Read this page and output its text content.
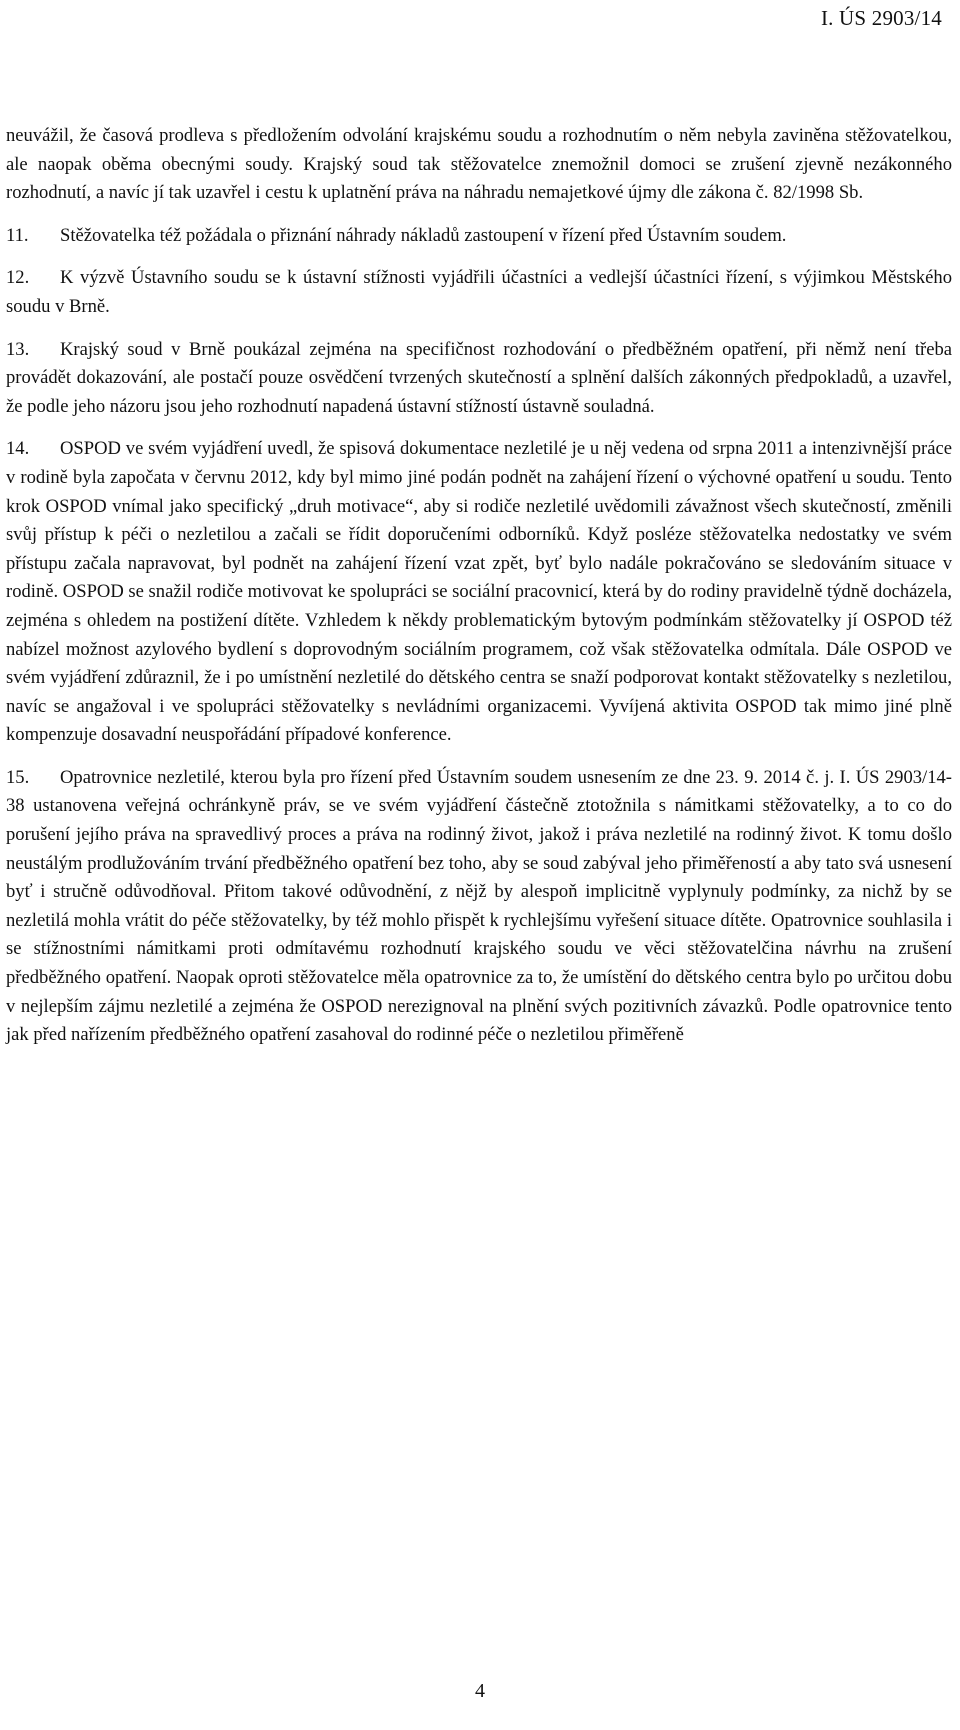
I. ÚS 2903/14

neuvážil, že časová prodleva s předložením odvolání krajskému soudu a rozhodnutím o něm nebyla zaviněna stěžovatelkou, ale naopak oběma obecnými soudy. Krajský soud tak stěžovatelce znemožnil domoci se zrušení zjevně nezákonného rozhodnutí, a navíc jí tak uzavřel i cestu k uplatnění práva na náhradu nemajetkové újmy dle zákona č. 82/1998 Sb.

11. Stěžovatelka též požádala o přiznání náhrady nákladů zastoupení v řízení před Ústavním soudem.

12. K výzvě Ústavního soudu se k ústavní stížnosti vyjádřili účastníci a vedlejší účastníci řízení, s výjimkou Městského soudu v Brně.

13. Krajský soud v Brně poukázal zejména na specifičnost rozhodování o předběžném opatření, při němž není třeba provádět dokazování, ale postačí pouze osvědčení tvrzených skutečností a splnění dalších zákonných předpokladů, a uzavřel, že podle jeho názoru jsou jeho rozhodnutí napadená ústavní stížností ústavně souladná.

14. OSPOD ve svém vyjádření uvedl, že spisová dokumentace nezletilé je u něj vedena od srpna 2011 a intenzivnější práce v rodině byla započata v červnu 2012, kdy byl mimo jiné podán podnět na zahájení řízení o výchovné opatření u soudu. Tento krok OSPOD vnímal jako specifický „druh motivace“, aby si rodiče nezletilé uvědomili závažnost všech skutečností, změnili svůj přístup k péči o nezletilou a začali se řídit doporučeními odborníků. Když posléze stěžovatelka nedostatky ve svém přístupu začala napravovat, byl podnět na zahájení řízení vzat zpět, byť bylo nadále pokračováno se sledováním situace v rodině. OSPOD se snažil rodiče motivovat ke spolupráci se sociální pracovnicí, která by do rodiny pravidelně týdně docházela, zejména s ohledem na postižení dítěte. Vzhledem k někdy problematickým bytovým podmínkám stěžovatelky jí OSPOD též nabízel možnost azylového bydlení s doprovodným sociálním programem, což však stěžovatelka odmítala. Dále OSPOD ve svém vyjádření zdůraznil, že i po umístnění nezletilé do dětského centra se snaží podporovat kontakt stěžovatelky s nezletilou, navíc se angažoval i ve spolupráci stěžovatelky s nevládními organizacemi. Vyvíjená aktivita OSPOD tak mimo jiné plně kompenzuje dosavadní neuspořádání případové konference.

15. Opatrovnice nezletilé, kterou byla pro řízení před Ústavním soudem usnesením ze dne 23. 9. 2014 č. j. I. ÚS 2903/14-38 ustanovena veřejná ochránkyně práv, se ve svém vyjádření částečně ztotožnila s námitkami stěžovatelky, a to co do porušení jejího práva na spravedlivý proces a práva na rodinný život, jakož i práva nezletilé na rodinný život. K tomu došlo neustálým prodlužováním trvání předběžného opatření bez toho, aby se soud zabýval jeho přiměřeností a aby tato svá usnesení byť i stručně odůvodňoval. Přitom takové odůvodnění, z nějž by alespoň implicitně vyplynuly podmínky, za nichž by se nezletilá mohla vrátit do péče stěžovatelky, by též mohlo přispět k rychlejšímu vyřešení situace dítěte. Opatrovnice souhlasila i se stížnostními námitkami proti odmítavému rozhodnutí krajského soudu ve věci stěžovatelčina návrhu na zrušení předběžného opatření. Naopak oproti stěžovatelce měla opatrovnice za to, že umístění do dětského centra bylo po určitou dobu v nejlepším zájmu nezletilé a zejména že OSPOD nerezignoval na plnění svých pozitivních závazků. Podle opatrovnice tento jak před nařízením předběžného opatření zasahoval do rodinné péče o nezletilou přiměřeně

4
